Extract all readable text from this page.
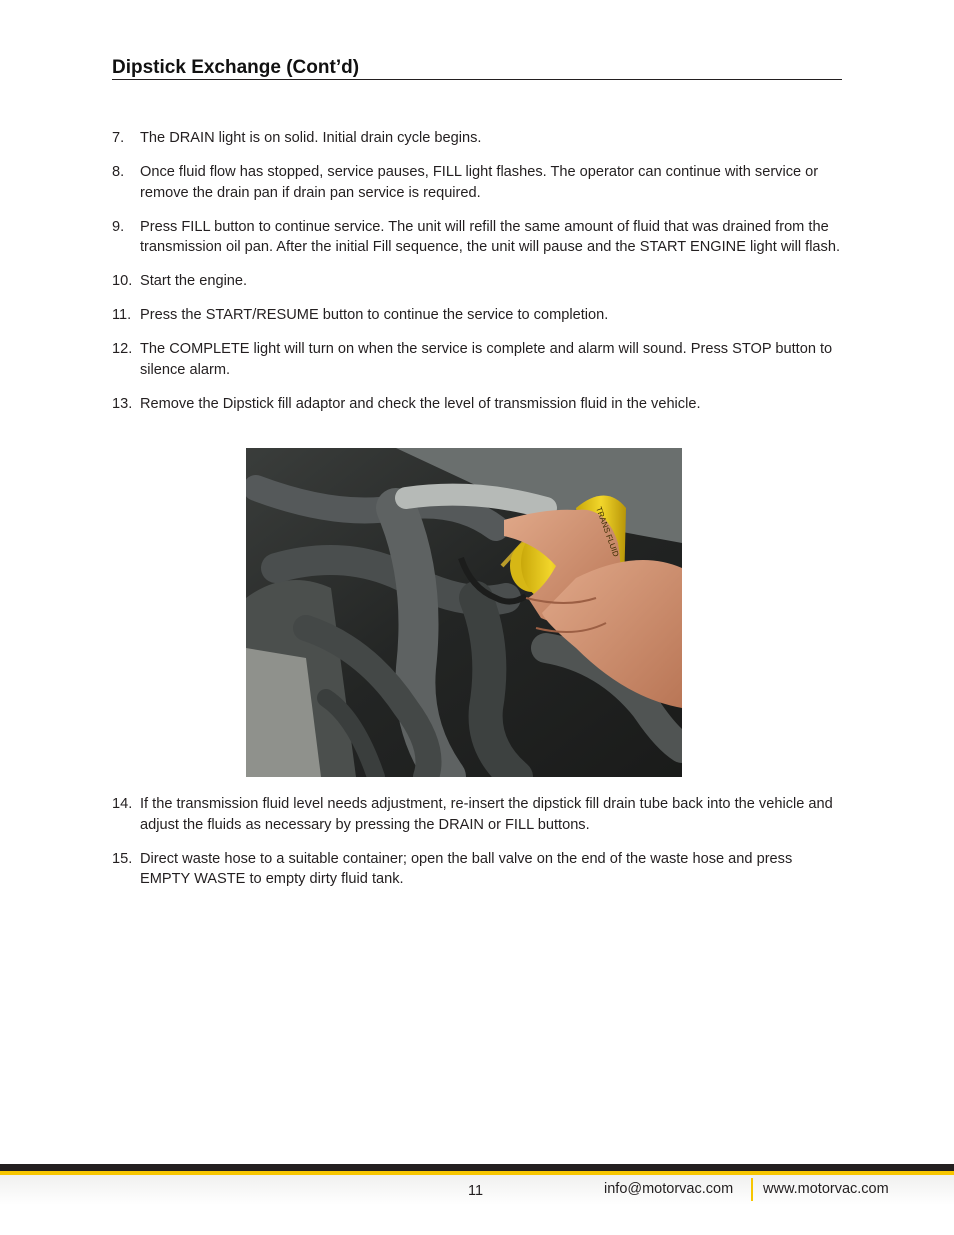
Dipstick Exchange (Cont’d)
7.	The DRAIN light is on solid. Initial drain cycle begins.
8.	Once fluid flow has stopped, service pauses, FILL light flashes. The operator can continue with service or remove the drain pan if drain pan service is required.
9.	Press FILL button to continue service. The unit will refill the same amount of fluid that was drained from the transmission oil pan. After the initial Fill sequence, the unit will pause and the START ENGINE light will flash.
10. Start the engine.
11. Press the START/RESUME button to continue the service to completion.
12. The COMPLETE light will turn on when the service is complete and alarm will sound. Press STOP button to silence alarm.
13. Remove the Dipstick fill adaptor and check the level of transmission fluid in the vehicle.
TRANS FLUID
14. If the transmission fluid level needs adjustment, re-insert the dipstick fill drain tube back into the vehicle and adjust the fluids as necessary by pressing the DRAIN or FILL buttons.
15. Direct waste hose to a suitable container; open the ball valve on the end of the waste hose and press EMPTY WASTE to empty dirty fluid tank.
11	info@motorvac.com www.motorvac.com
